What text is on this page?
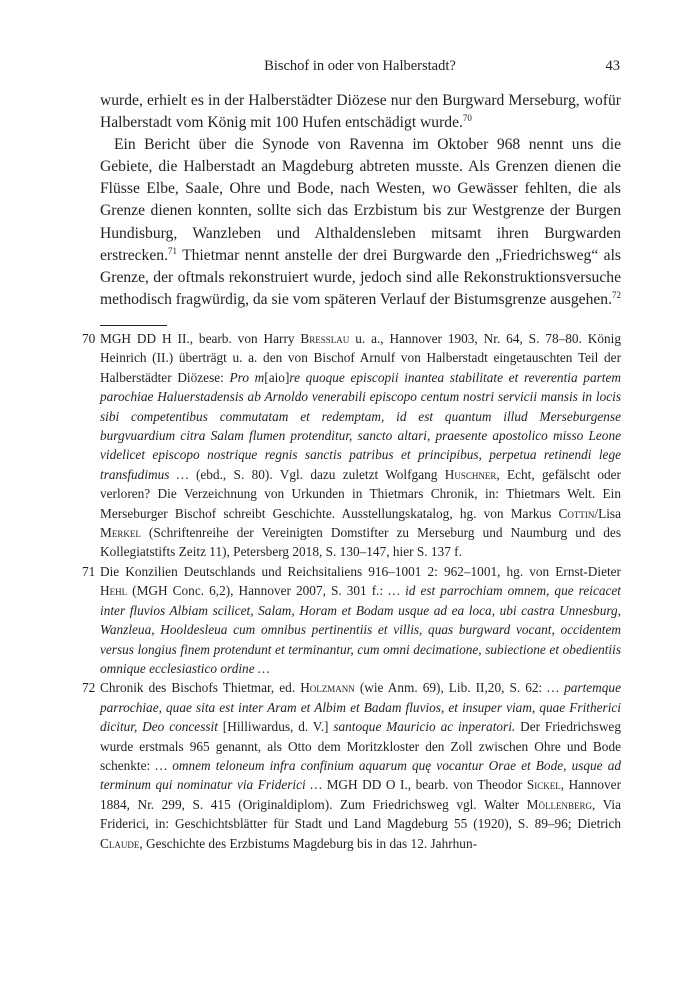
Bischof in oder von Halberstadt?	43

wurde, erhielt es in der Halberstädter Diözese nur den Burgward Merseburg, wofür Halberstadt vom König mit 100 Hufen entschädigt wurde.$^{70}$

Ein Bericht über die Synode von Ravenna im Oktober 968 nennt uns die Gebiete, die Halberstadt an Magdeburg abtreten musste. Als Grenzen dienen die Flüsse Elbe, Saale, Ohre und Bode, nach Westen, wo Gewässer fehlten, die als Grenze dienen konnten, sollte sich das Erzbistum bis zur Westgrenze der Burgen Hundisburg, Wanzleben und Althaldensleben mitsamt ihren Burgwarden erstrecken.$^{71}$ Thietmar nennt anstelle der drei Burgwarde den „Friedrichsweg“ als Grenze, der oftmals rekonstruiert wurde, jedoch sind alle Rekonstruktionsversuche methodisch fragwürdig, da sie vom späteren Verlauf der Bistumsgrenze ausgehen.$^{72}$

70 MGH DD H II., bearb. von Harry Bresslau u. a., Hannover 1903, Nr. 64, S. 78–80. König Heinrich (II.) überträgt u. a. den von Bischof Arnulf von Halberstadt eingetauschten Teil der Halberstädter Diözese: Pro m[aio]re quoque episcopii inantea stabilitate et reverentia partem parochiae Haluerstadensis ab Arnoldo venerabili episcopo centum nostri servicii mansis in locis sibi competentibus commutatam et redemptam, id est quantum illud Merseburgense burgvuardium citra Salam flumen protenditur, sancto altari, praesente apostolico misso Leone videlicet episcopo nostrique regnis sanctis patribus et principibus, perpetua retinendi lege transfudimus … (ebd., S. 80). Vgl. dazu zuletzt Wolfgang Huschner, Echt, gefälscht oder verloren? Die Verzeichnung von Urkunden in Thietmars Chronik, in: Thietmars Welt. Ein Merseburger Bischof schreibt Geschichte. Ausstellungskatalog, hg. von Markus Cottin/Lisa Merkel (Schriftenreihe der Vereinigten Domstifter zu Merseburg und Naumburg und des Kollegiatstifts Zeitz 11), Petersberg 2018, S. 130–147, hier S. 137 f.
71 Die Konzilien Deutschlands und Reichsitaliens 916–1001 2: 962–1001, hg. von Ernst-Dieter Hehl (MGH Conc. 6,2), Hannover 2007, S. 301 f.: … id est parrochiam omnem, que reicacet inter fluvios Albiam scilicet, Salam, Horam et Bodam usque ad ea loca, ubi castra Unnesburg, Wanzleua, Hooldesleua cum omnibus pertinentiis et villis, quas burgward vocant, occidentem versus longius finem protendunt et terminantur, cum omni decimatione, subiectione et obedientiis omnique ecclesiastico ordine …
72 Chronik des Bischofs Thietmar, ed. Holzmann (wie Anm. 69), Lib. II,20, S. 62: … partemque parrochiae, quae sita est inter Aram et Albim et Badam fluvios, et insuper viam, quae Fritherici dicitur, Deo concessit [Hilliwardus, d. V.] santoque Mauricio ac inperatori. Der Friedrichsweg wurde erstmals 965 genannt, als Otto dem Moritzkloster den Zoll zwischen Ohre und Bode schenkte: … omnem teloneum infra confinium aquarum quę vocantur Orae et Bode, usque ad terminum qui nominatur via Friderici … MGH DD O I., bearb. von Theodor Sickel, Hannover 1884, Nr. 299, S. 415 (Originaldiplom). Zum Friedrichsweg vgl. Walter Möllenberg, Via Friderici, in: Geschichtsblätter für Stadt und Land Magdeburg 55 (1920), S. 89–96; Dietrich Claude, Geschichte des Erzbistums Magdeburg bis in das 12. Jahrhun-
